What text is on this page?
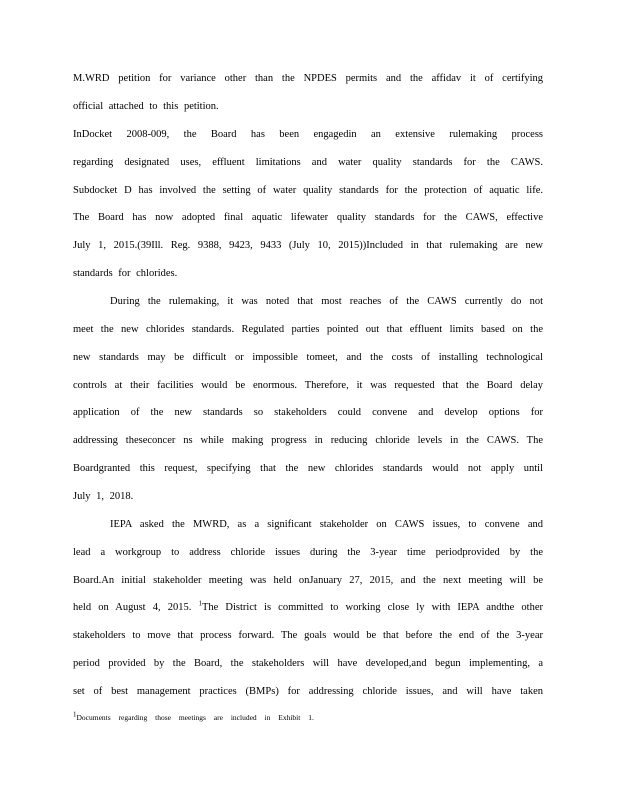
M.WRD petition for variance other than the NPDES permits and the affidav it of certifying
official attached to this petition.
InDocket 2008-009, the Board has been engagedin an extensive rulemaking process
regarding designated uses, effluent limitations and water quality standards for the CAWS.
Subdocket D has involved the setting of water quality standards for the protection of aquatic life.
The Board has now adopted final aquatic lifewater quality standards for the CAWS, effective
July 1, 2015.(39Ill. Reg. 9388, 9423, 9433 (July 10, 2015))Included in that rulemaking are new
standards for chlorides.
During the rulemaking, it was noted that most reaches of the CAWS currently do not
meet the new chlorides standards. Regulated parties pointed out that effluent limits based on the
new standards may be difficult or impossible tomeet, and the costs of installing technological
controls at their facilities would be enormous. Therefore, it was requested that the Board delay
application of the new standards so stakeholders could convene and develop options for
addressing theseconcer ns while making progress in reducing chloride levels in the CAWS. The
Boardgranted this request, specifying that the new chlorides standards would not apply until
July 1, 2018.
IEPA asked the MWRD, as a significant stakeholder on CAWS issues, to convene and
lead a workgroup to address chloride issues during the 3-year time periodprovided by the
Board.An initial stakeholder meeting was held onJanuary 27, 2015, and the next meeting will be
held on August 4, 2015. $^1$The District is committed to working close ly with IEPA andthe other
stakeholders to move that process forward. The goals would be that before the end of the 3-year
period provided by the Board, the stakeholders will have developed,and begun implementing, a
set of best management practices (BMPs) for addressing chloride issues, and will have taken
$^1$Documents regarding those meetings are included in Exhibit 1.
